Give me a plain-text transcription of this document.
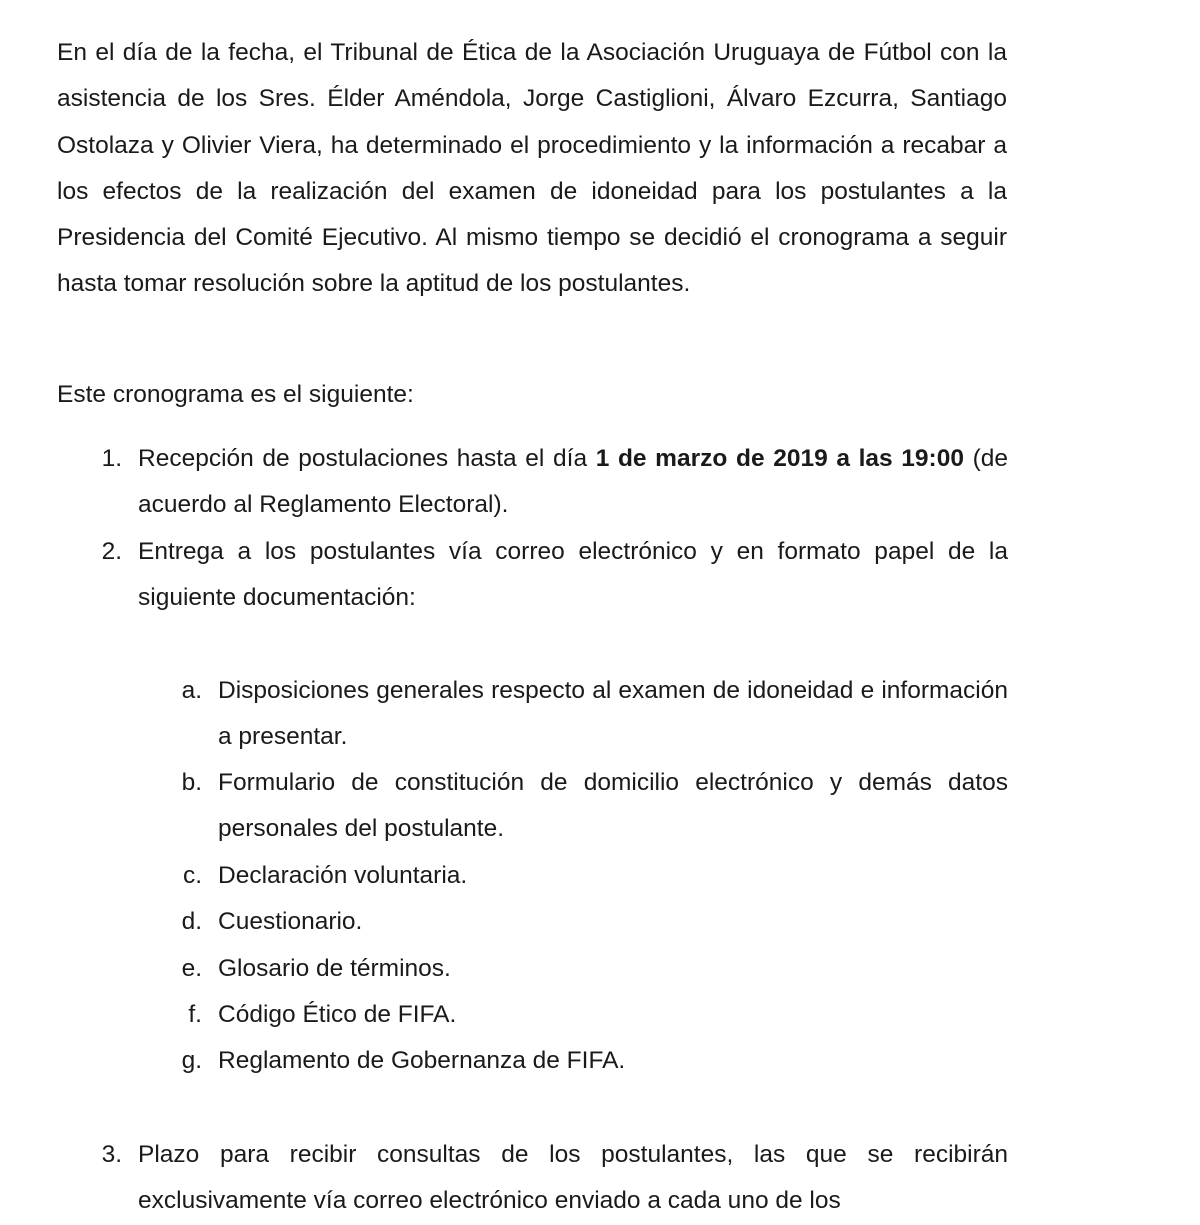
En el día de la fecha, el Tribunal de Ética de la Asociación Uruguaya de Fútbol con la asistencia de los Sres. Élder Améndola, Jorge Castiglioni, Álvaro Ezcurra, Santiago Ostolaza y Olivier Viera, ha determinado el procedimiento y la información a recabar a los efectos de la realización del examen de idoneidad para los postulantes a la Presidencia del Comité Ejecutivo. Al mismo tiempo se decidió el cronograma a seguir hasta tomar resolución sobre la aptitud de los postulantes.

Este cronograma es el siguiente:

1. Recepción de postulaciones hasta el día 1 de marzo de 2019 a las 19:00 (de acuerdo al Reglamento Electoral).
2. Entrega a los postulantes vía correo electrónico y en formato papel de la siguiente documentación:
a. Disposiciones generales respecto al examen de idoneidad e información a presentar.
b. Formulario de constitución de domicilio electrónico y demás datos personales del postulante.
c. Declaración voluntaria.
d. Cuestionario.
e. Glosario de términos.
f. Código Ético de FIFA.
g. Reglamento de Gobernanza de FIFA.
3. Plazo para recibir consultas de los postulantes, las que se recibirán exclusivamente vía correo electrónico enviado a cada uno de los
